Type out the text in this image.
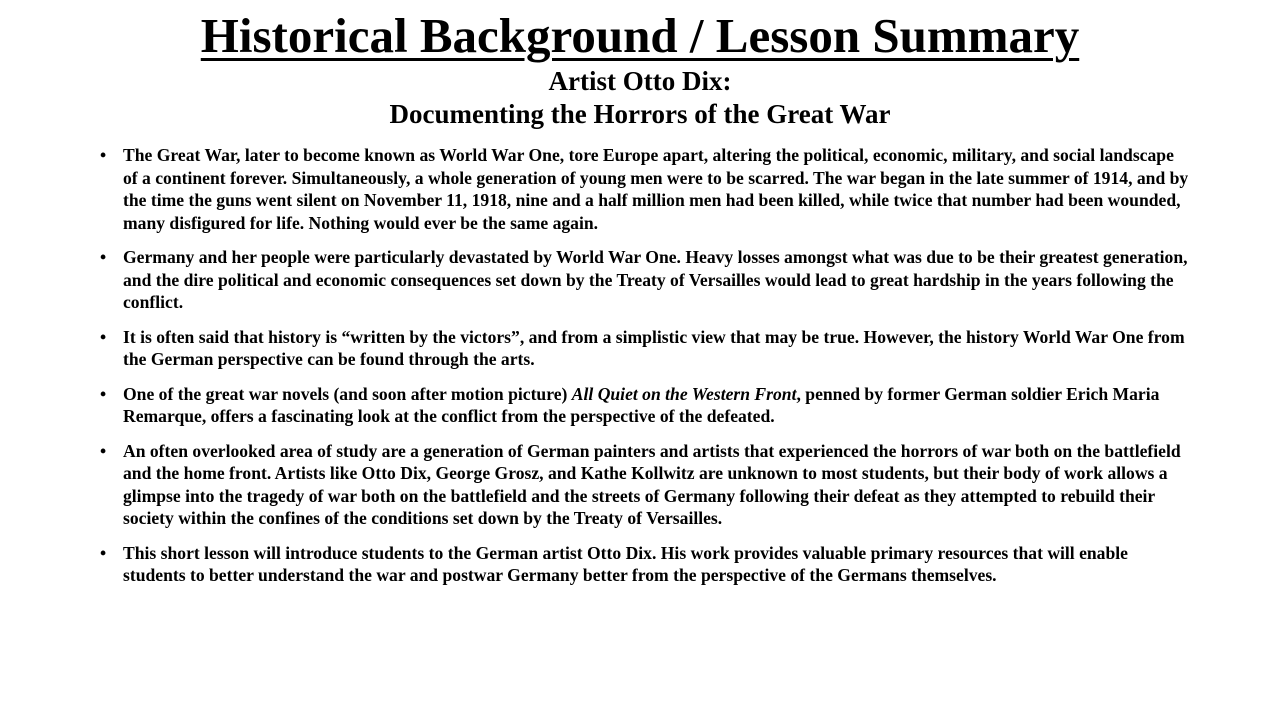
Historical Background / Lesson Summary
Artist Otto Dix:
Documenting the Horrors of the Great War
• The Great War, later to become known as World War One, tore Europe apart, altering the political, economic, military, and social landscape of a continent forever. Simultaneously, a whole generation of young men were to be scarred. The war began in the late summer of 1914, and by the time the guns went silent on November 11, 1918, nine and a half million men had been killed, while twice that number had been wounded, many disfigured for life. Nothing would ever be the same again.
• Germany and her people were particularly devastated by World War One. Heavy losses amongst what was due to be their greatest generation, and the dire political and economic consequences set down by the Treaty of Versailles would lead to great hardship in the years following the conflict.
• It is often said that history is “written by the victors”, and from a simplistic view that may be true. However, the history World War One from the German perspective can be found through the arts.
• One of the great war novels (and soon after motion picture) All Quiet on the Western Front, penned by former German soldier Erich Maria Remarque, offers a fascinating look at the conflict from the perspective of the defeated.
• An often overlooked area of study are a generation of German painters and artists that experienced the horrors of war both on the battlefield and the home front. Artists like Otto Dix, George Grosz, and Kathe Kollwitz are unknown to most students, but their body of work allows a glimpse into the tragedy of war both on the battlefield and the streets of Germany following their defeat as they attempted to rebuild their society within the confines of the conditions set down by the Treaty of Versailles.
• This short lesson will introduce students to the German artist Otto Dix. His work provides valuable primary resources that will enable students to better understand the war and postwar Germany better from the perspective of the Germans themselves.
